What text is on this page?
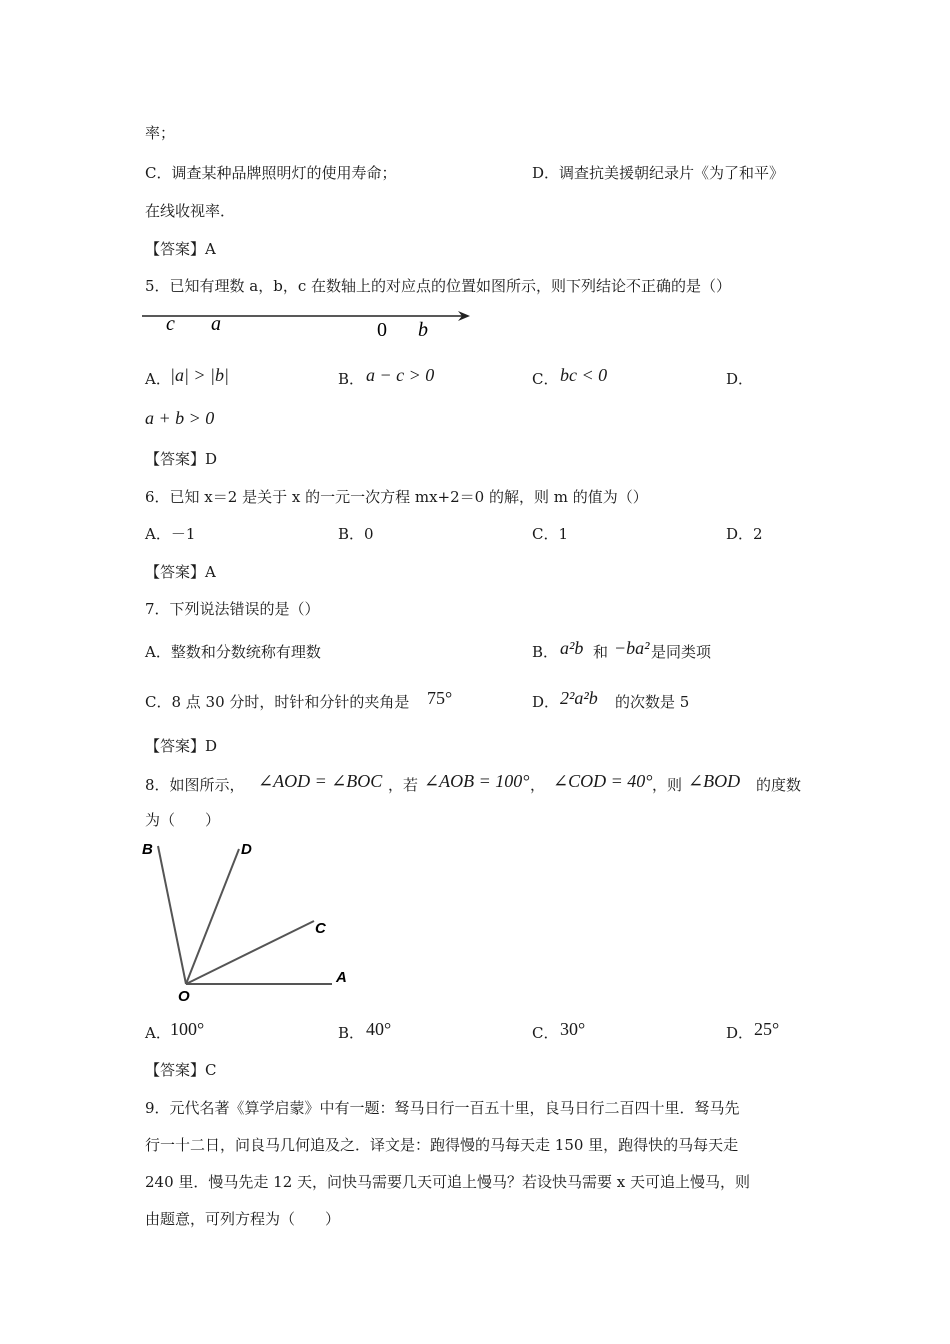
率；
C．调查某种品牌照明灯的使用寿命；	D．调查抗美援朝纪录片《为了和平》
在线收视率．
【答案】A
5．已知有理数 a，b，c 在数轴上的对应点的位置如图所示，则下列结论不正确的是（）
c a	0 b
A． |a| > |b|	B． a − c > 0	C． bc < 0	D．
a + b > 0
【答案】D
6．已知 x＝2 是关于 x 的一元一次方程 mx+2＝0 的解，则 m 的值为（）
A．－1	B．0	C．1	D．2
【答案】A
7．下列说法错误的是（）
A．整数和分数统称有理数	B． a²b 和 −ba² 是同类项
C．8 点 30 分时，时针和分针的夹角是 75°	D． 2²a²b 的次数是 5
【答案】D
8．如图所示， ∠AOD = ∠BOC ，若 ∠AOB = 100° ， ∠COD = 40° ，则 ∠BOD 的度数
为（　　）
B	D
C
O
A
A． 100°	B． 40°	C． 30°	D． 25°
【答案】C
9．元代名著《算学启蒙》中有一题：驽马日行一百五十里，良马日行二百四十里．驽马先
行一十二日，问良马几何追及之．译文是：跑得慢的马每天走 150 里，跑得快的马每天走
240 里．慢马先走 12 天，问快马需要几天可追上慢马？若设快马需要 x 天可追上慢马，则
由题意，可列方程为（　　）
